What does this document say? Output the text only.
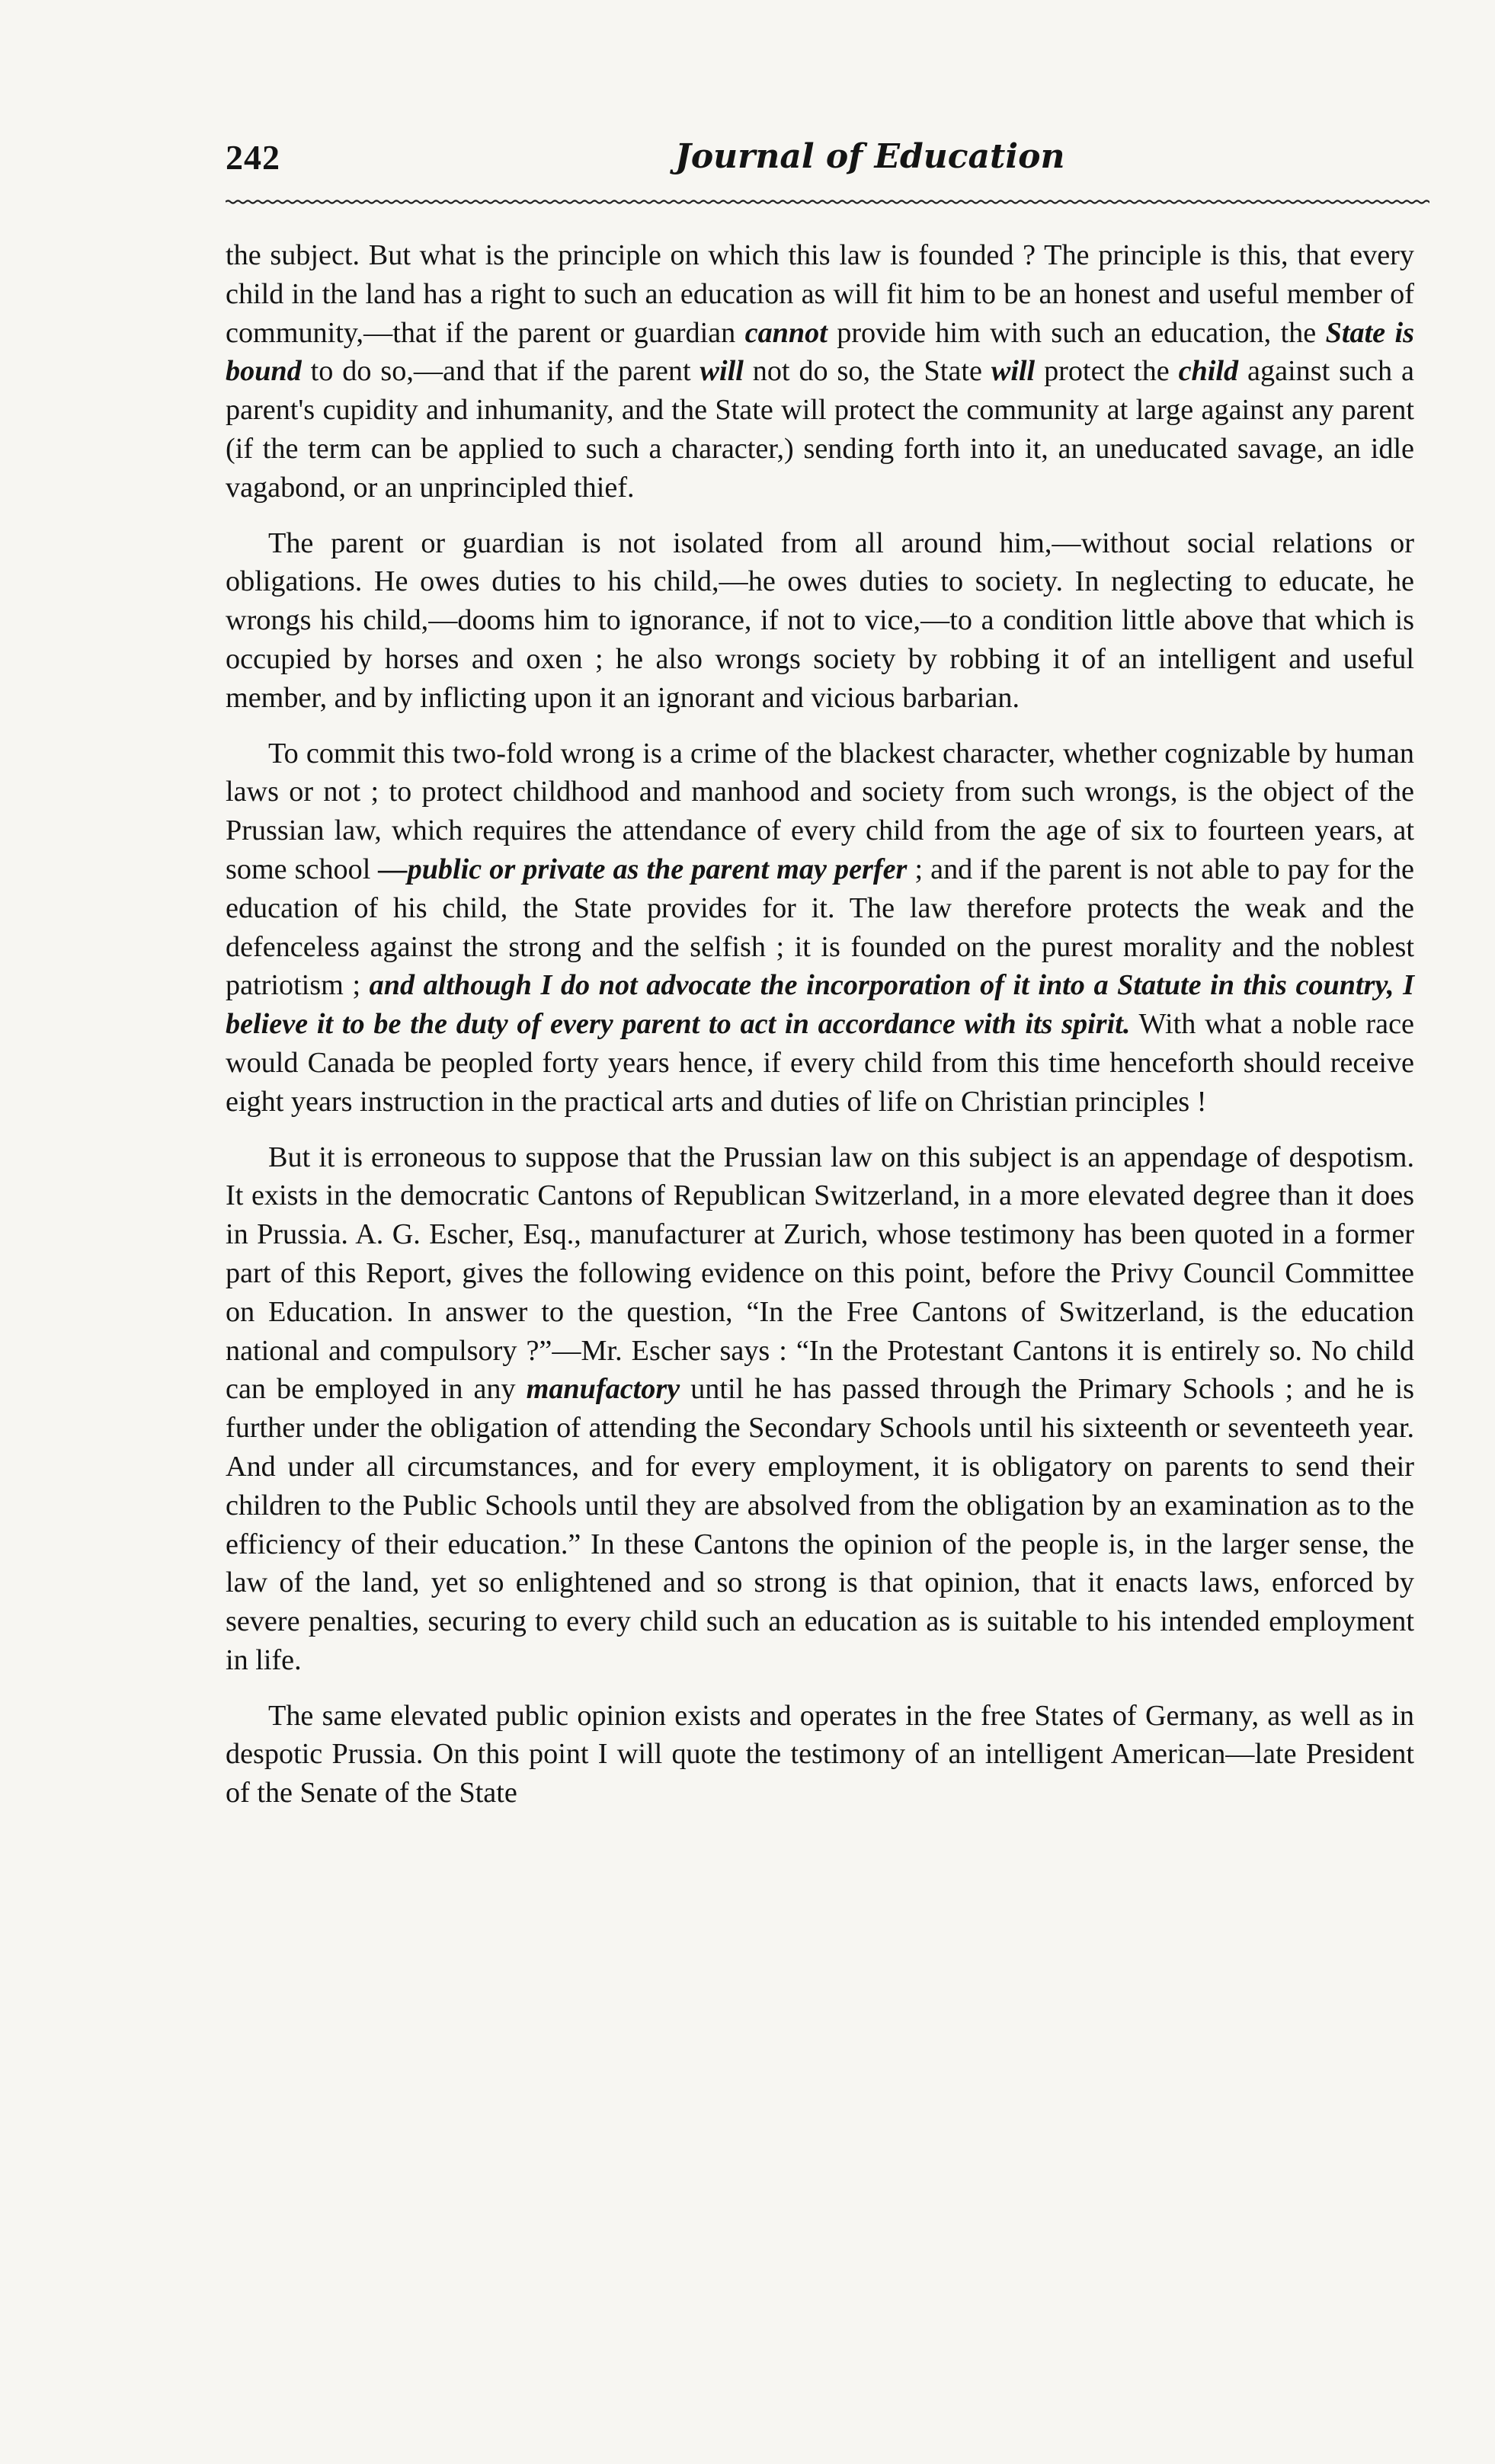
242	Journal of Education

the subject. But what is the principle on which this law is founded ? The principle is this, that every child in the land has a right to such an education as will fit him to be an honest and useful member of community,—that if the parent or guardian cannot provide him with such an education, the State is bound to do so,—and that if the parent will not do so, the State will protect the child against such a parent's cupidity and inhumanity, and the State will protect the community at large against any parent (if the term can be applied to such a character,) sending forth into it, an uneducated savage, an idle vagabond, or an unprincipled thief.

The parent or guardian is not isolated from all around him,—without social relations or obligations. He owes duties to his child,—he owes duties to society. In neglecting to educate, he wrongs his child,—dooms him to ignorance, if not to vice,—to a condition little above that which is occupied by horses and oxen ; he also wrongs society by robbing it of an intelligent and useful member, and by inflicting upon it an ignorant and vicious barbarian.

To commit this two-fold wrong is a crime of the blackest character, whether cognizable by human laws or not ; to protect childhood and manhood and society from such wrongs, is the object of the Prussian law, which requires the attendance of every child from the age of six to fourteen years, at some school —public or private as the parent may perfer ; and if the parent is not able to pay for the education of his child, the State provides for it. The law therefore protects the weak and the defenceless against the strong and the selfish ; it is founded on the purest morality and the noblest patriotism ; and although I do not advocate the incorporation of it into a Statute in this country, I believe it to be the duty of every parent to act in accordance with its spirit. With what a noble race would Canada be peopled forty years hence, if every child from this time henceforth should receive eight years instruction in the practical arts and duties of life on Christian principles !

But it is erroneous to suppose that the Prussian law on this subject is an appendage of despotism. It exists in the democratic Cantons of Republican Switzerland, in a more elevated degree than it does in Prussia. A. G. Escher, Esq., manufacturer at Zurich, whose testimony has been quoted in a former part of this Report, gives the following evidence on this point, before the Privy Council Committee on Education. In answer to the question, “In the Free Cantons of Switzerland, is the education national and compulsory ?”—Mr. Escher says : “In the Protestant Cantons it is entirely so. No child can be employed in any manufactory until he has passed through the Primary Schools ; and he is further under the obligation of attending the Secondary Schools until his sixteenth or seventeeth year. And under all circumstances, and for every employment, it is obligatory on parents to send their children to the Public Schools until they are absolved from the obligation by an examination as to the efficiency of their education.” In these Cantons the opinion of the people is, in the larger sense, the law of the land, yet so enlightened and so strong is that opinion, that it enacts laws, enforced by severe penalties, securing to every child such an education as is suitable to his intended employment in life.

The same elevated public opinion exists and operates in the free States of Germany, as well as in despotic Prussia. On this point I will quote the testimony of an intelligent American—late President of the Senate of the State
